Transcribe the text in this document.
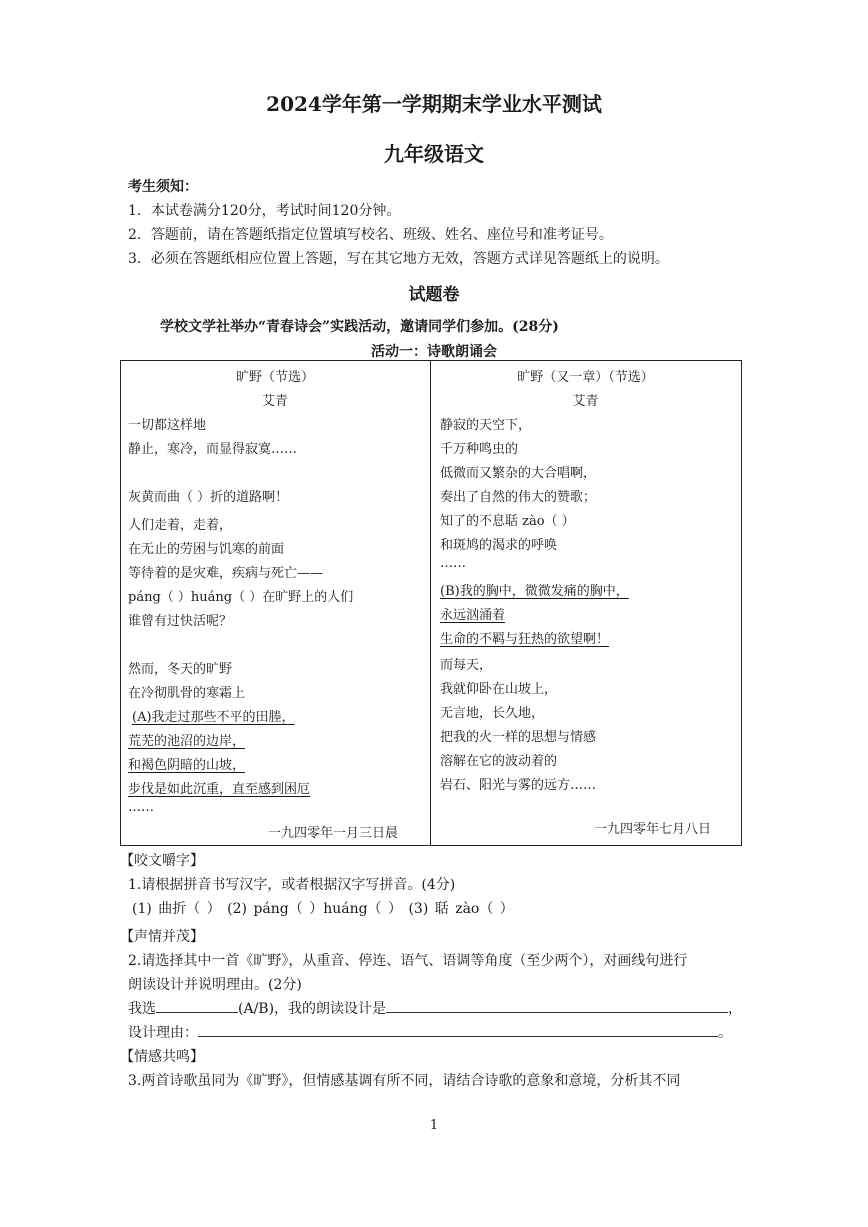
2024学年第一学期期末学业水平测试
九年级语文
考生须知：
1．本试卷满分120分，考试时间120分钟。
2．答题前，请在答题纸指定位置填写校名、班级、姓名、座位号和准考证号。
3．必须在答题纸相应位置上答题，写在其它地方无效，答题方式详见答题纸上的说明。
试题卷
学校文学社举办“青春诗会”实践活动，邀请同学们参加。(28分)
活动一：诗歌朗诵会
旷野（节选）
艾青
一切都这样地
静止，寒冷，而显得寂寞……
灰黄而曲（ ）折的道路啊！
人们走着，走着，
在无止的劳困与饥寒的前面
等待着的是灾难，疾病与死亡——
páng（ ）huáng（ ）在旷野上的人们
谁曾有过快活呢？
然而，冬天的旷野
在冷彻肌骨的寒霜上
(A)我走过那些不平的田塍，
荒芜的池沼的边岸，
和褐色阴暗的山坡，
步伐是如此沉重，直至感到困厄
……
一九四零年一月三日晨
旷野（又一章）（节选）
艾青
静寂的天空下，
千万种鸣虫的
低微而又繁杂的大合唱啊，
奏出了自然的伟大的赞歌；
知了的不息聒 zào（ ）
和斑鸠的渴求的呼唤
……
(B)我的胸中，微微发痛的胸中，
永远汹涌着
生命的不羁与狂热的欲望啊！
而每天，
我就仰卧在山坡上，
无言地，长久地，
把我的火一样的思想与情感
溶解在它的波动着的
岩石、阳光与雾的远方……
一九四零年七月八日
【咬文嚼字】
1.请根据拼音书写汉字，或者根据汉字写拼音。(4分)
(1) 曲折（ ） (2) páng（ ）huáng（ ） (3) 聒 zào（ ）
【声情并茂】
2.请选择其中一首《旷野》，从重音、停连、语气、语调等角度（至少两个），对画线句进行
朗读设计并说明理由。(2分)
我选	(A/B)，我的朗读设计是	，
设计理由：	。
【情感共鸣】
3.两首诗歌虽同为《旷野》，但情感基调有所不同，请结合诗歌的意象和意境，分析其不同
1
